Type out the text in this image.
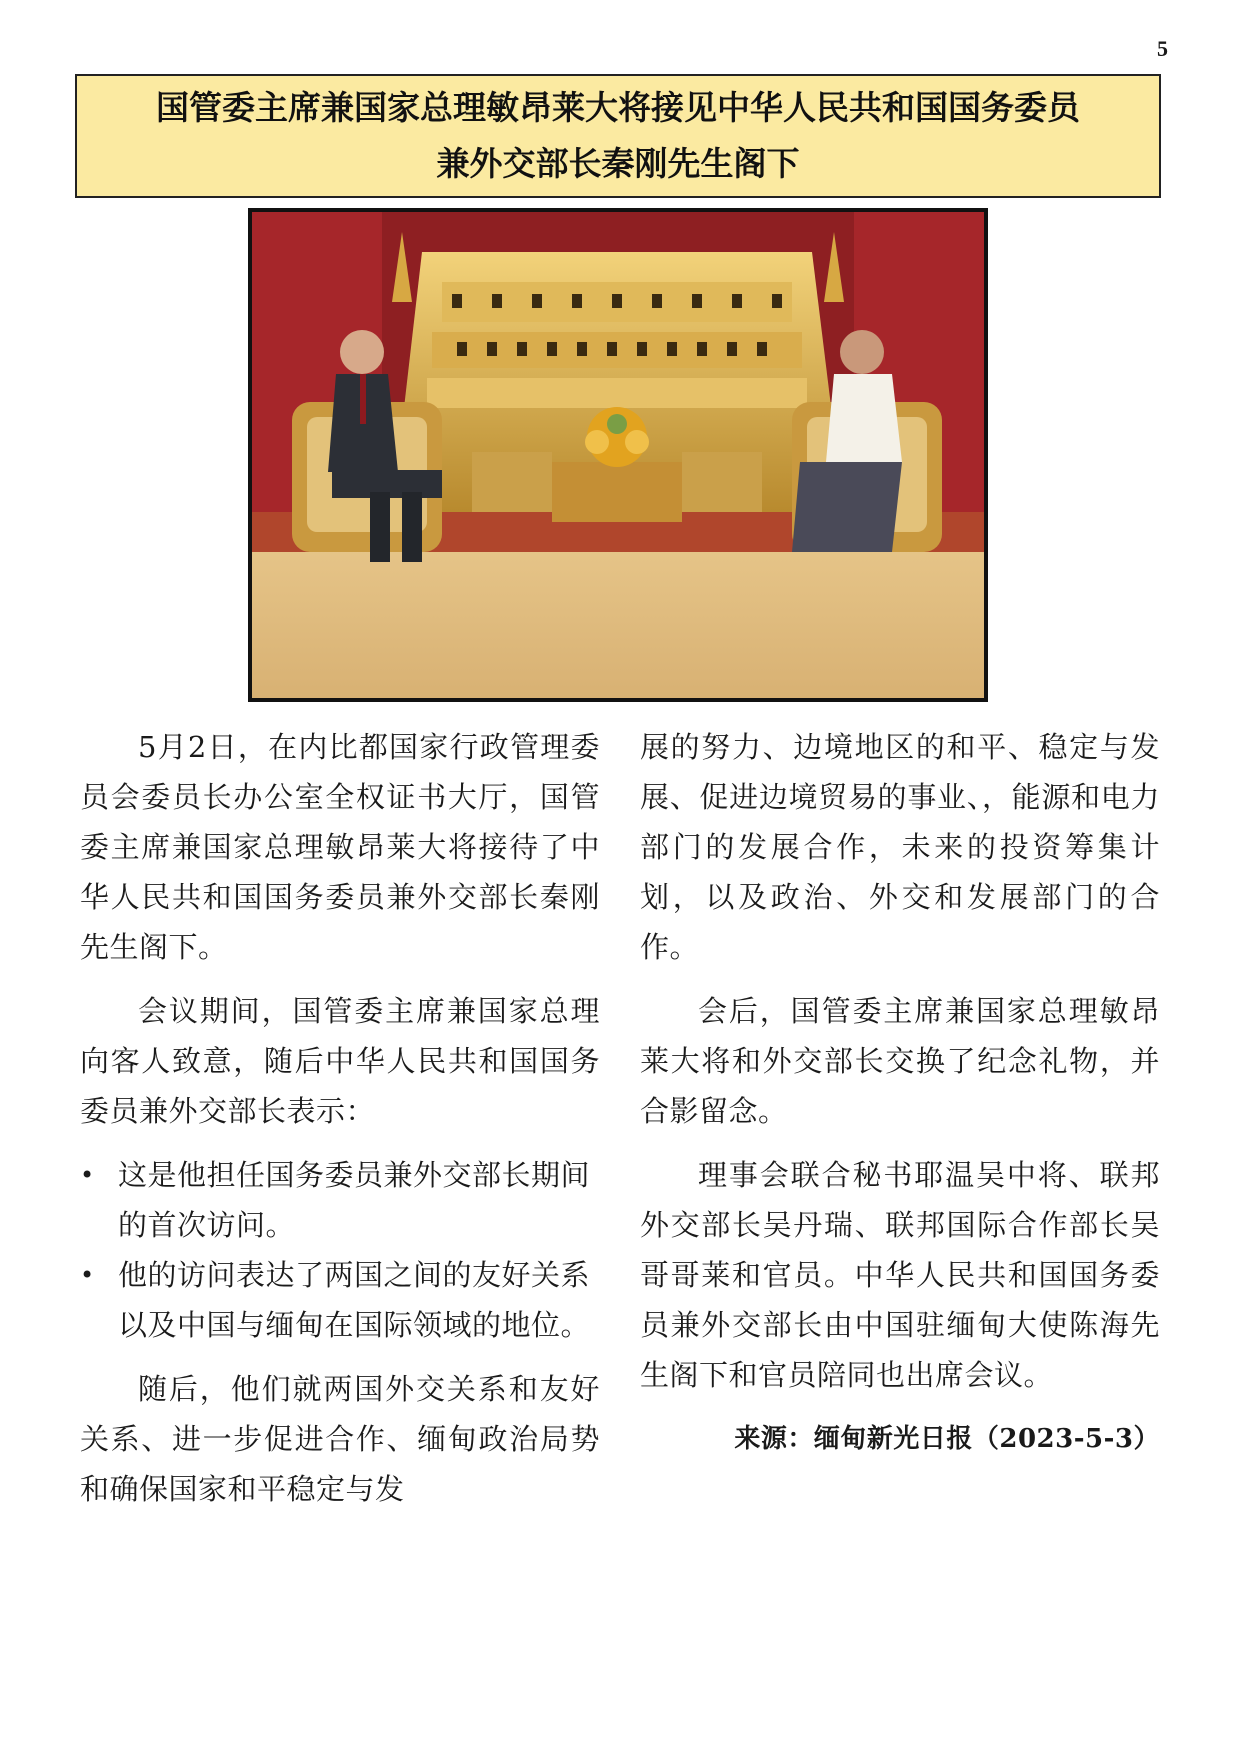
5
国管委主席兼国家总理敏昂莱大将接见中华人民共和国国务委员
兼外交部长秦刚先生阁下

5月2日，在内比都国家行政管理委员会委员长办公室全权证书大厅，国管委主席兼国家总理敏昂莱大将接待了中华人民共和国国务委员兼外交部长秦刚先生阁下。

会议期间，国管委主席兼国家总理向客人致意，随后中华人民共和国国务委员兼外交部长表示：

• 这是他担任国务委员兼外交部长期间的首次访问。
• 他的访问表达了两国之间的友好关系以及中国与缅甸在国际领域的地位。

随后，他们就两国外交关系和友好关系、进一步促进合作、缅甸政治局势和确保国家和平稳定与发

展的努力、边境地区的和平、稳定与发展、促进边境贸易的事业、，能源和电力部门的发展合作，未来的投资筹集计划，以及政治、外交和发展部门的合作。

会后，国管委主席兼国家总理敏昂莱大将和外交部长交换了纪念礼物，并合影留念。

理事会联合秘书耶温吴中将、联邦外交部长吴丹瑞、联邦国际合作部长吴哥哥莱和官员。中华人民共和国国务委员兼外交部长由中国驻缅甸大使陈海先生阁下和官员陪同也出席会议。

来源：缅甸新光日报（2023-5-3）
